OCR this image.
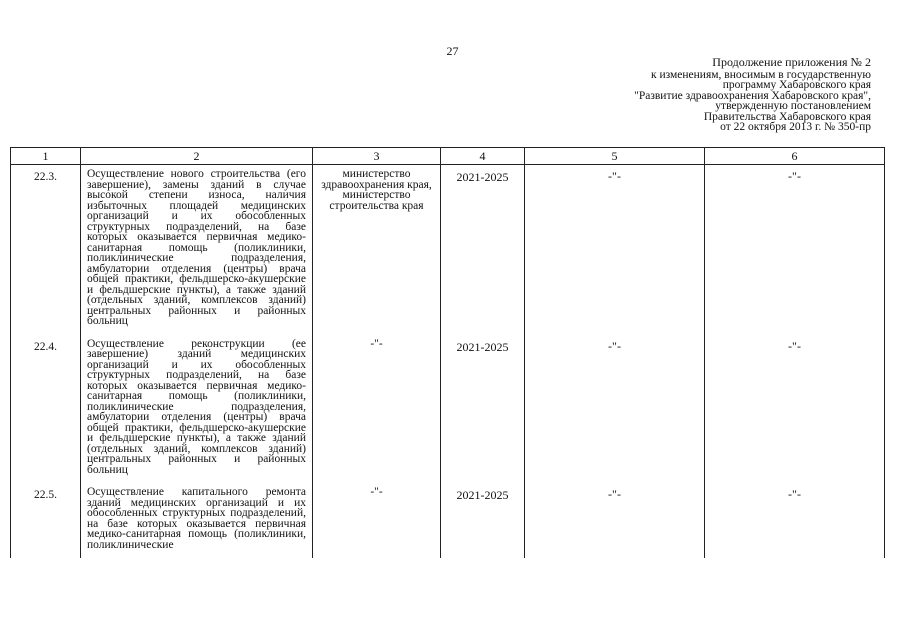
27
Продолжение приложения № 2
к изменениям, вносимым в государственную
программу Хабаровского края
"Развитие здравоохранения Хабаровского края",
утвержденную постановлением
Правительства Хабаровского края
от 22 октября 2013 г. № 350-пр
1	2	3	4	5	6
22.3.	Осуществление нового строительства (его завершение), замены зданий в случае высокой степени износа, наличия избыточных площадей медицинских организаций и их обособленных структурных подразделений, на базе которых оказывается первичная медико-санитарная помощь (поликлиники, поликлинические подразделения, амбулатории отделения (центры) врача общей практики, фельдшерско-акушерские и фельдшерские пункты), а также зданий (отдельных зданий, комплексов зданий) центральных районных и районных больниц	министерство здравоохранения края, министерство строительства края	2021-2025	-"-	-"-
22.4.	Осуществление реконструкции (ее завершение) зданий медицинских организаций и их обособленных структурных подразделений, на базе которых оказывается первичная медико-санитарная помощь (поликлиники, поликлинические подразделения, амбулатории отделения (центры) врача общей практики, фельдшерско-акушерские и фельдшерские пункты), а также зданий (отдельных зданий, комплексов зданий) центральных районных и районных больниц	-"-	2021-2025	-"-	-"-
22.5.	Осуществление капитального ремонта зданий медицинских организаций и их обособленных структурных подразделений, на базе которых оказывается первичная медико-санитарная помощь (поликлиники, поликлинические	-"-	2021-2025	-"-	-"-
